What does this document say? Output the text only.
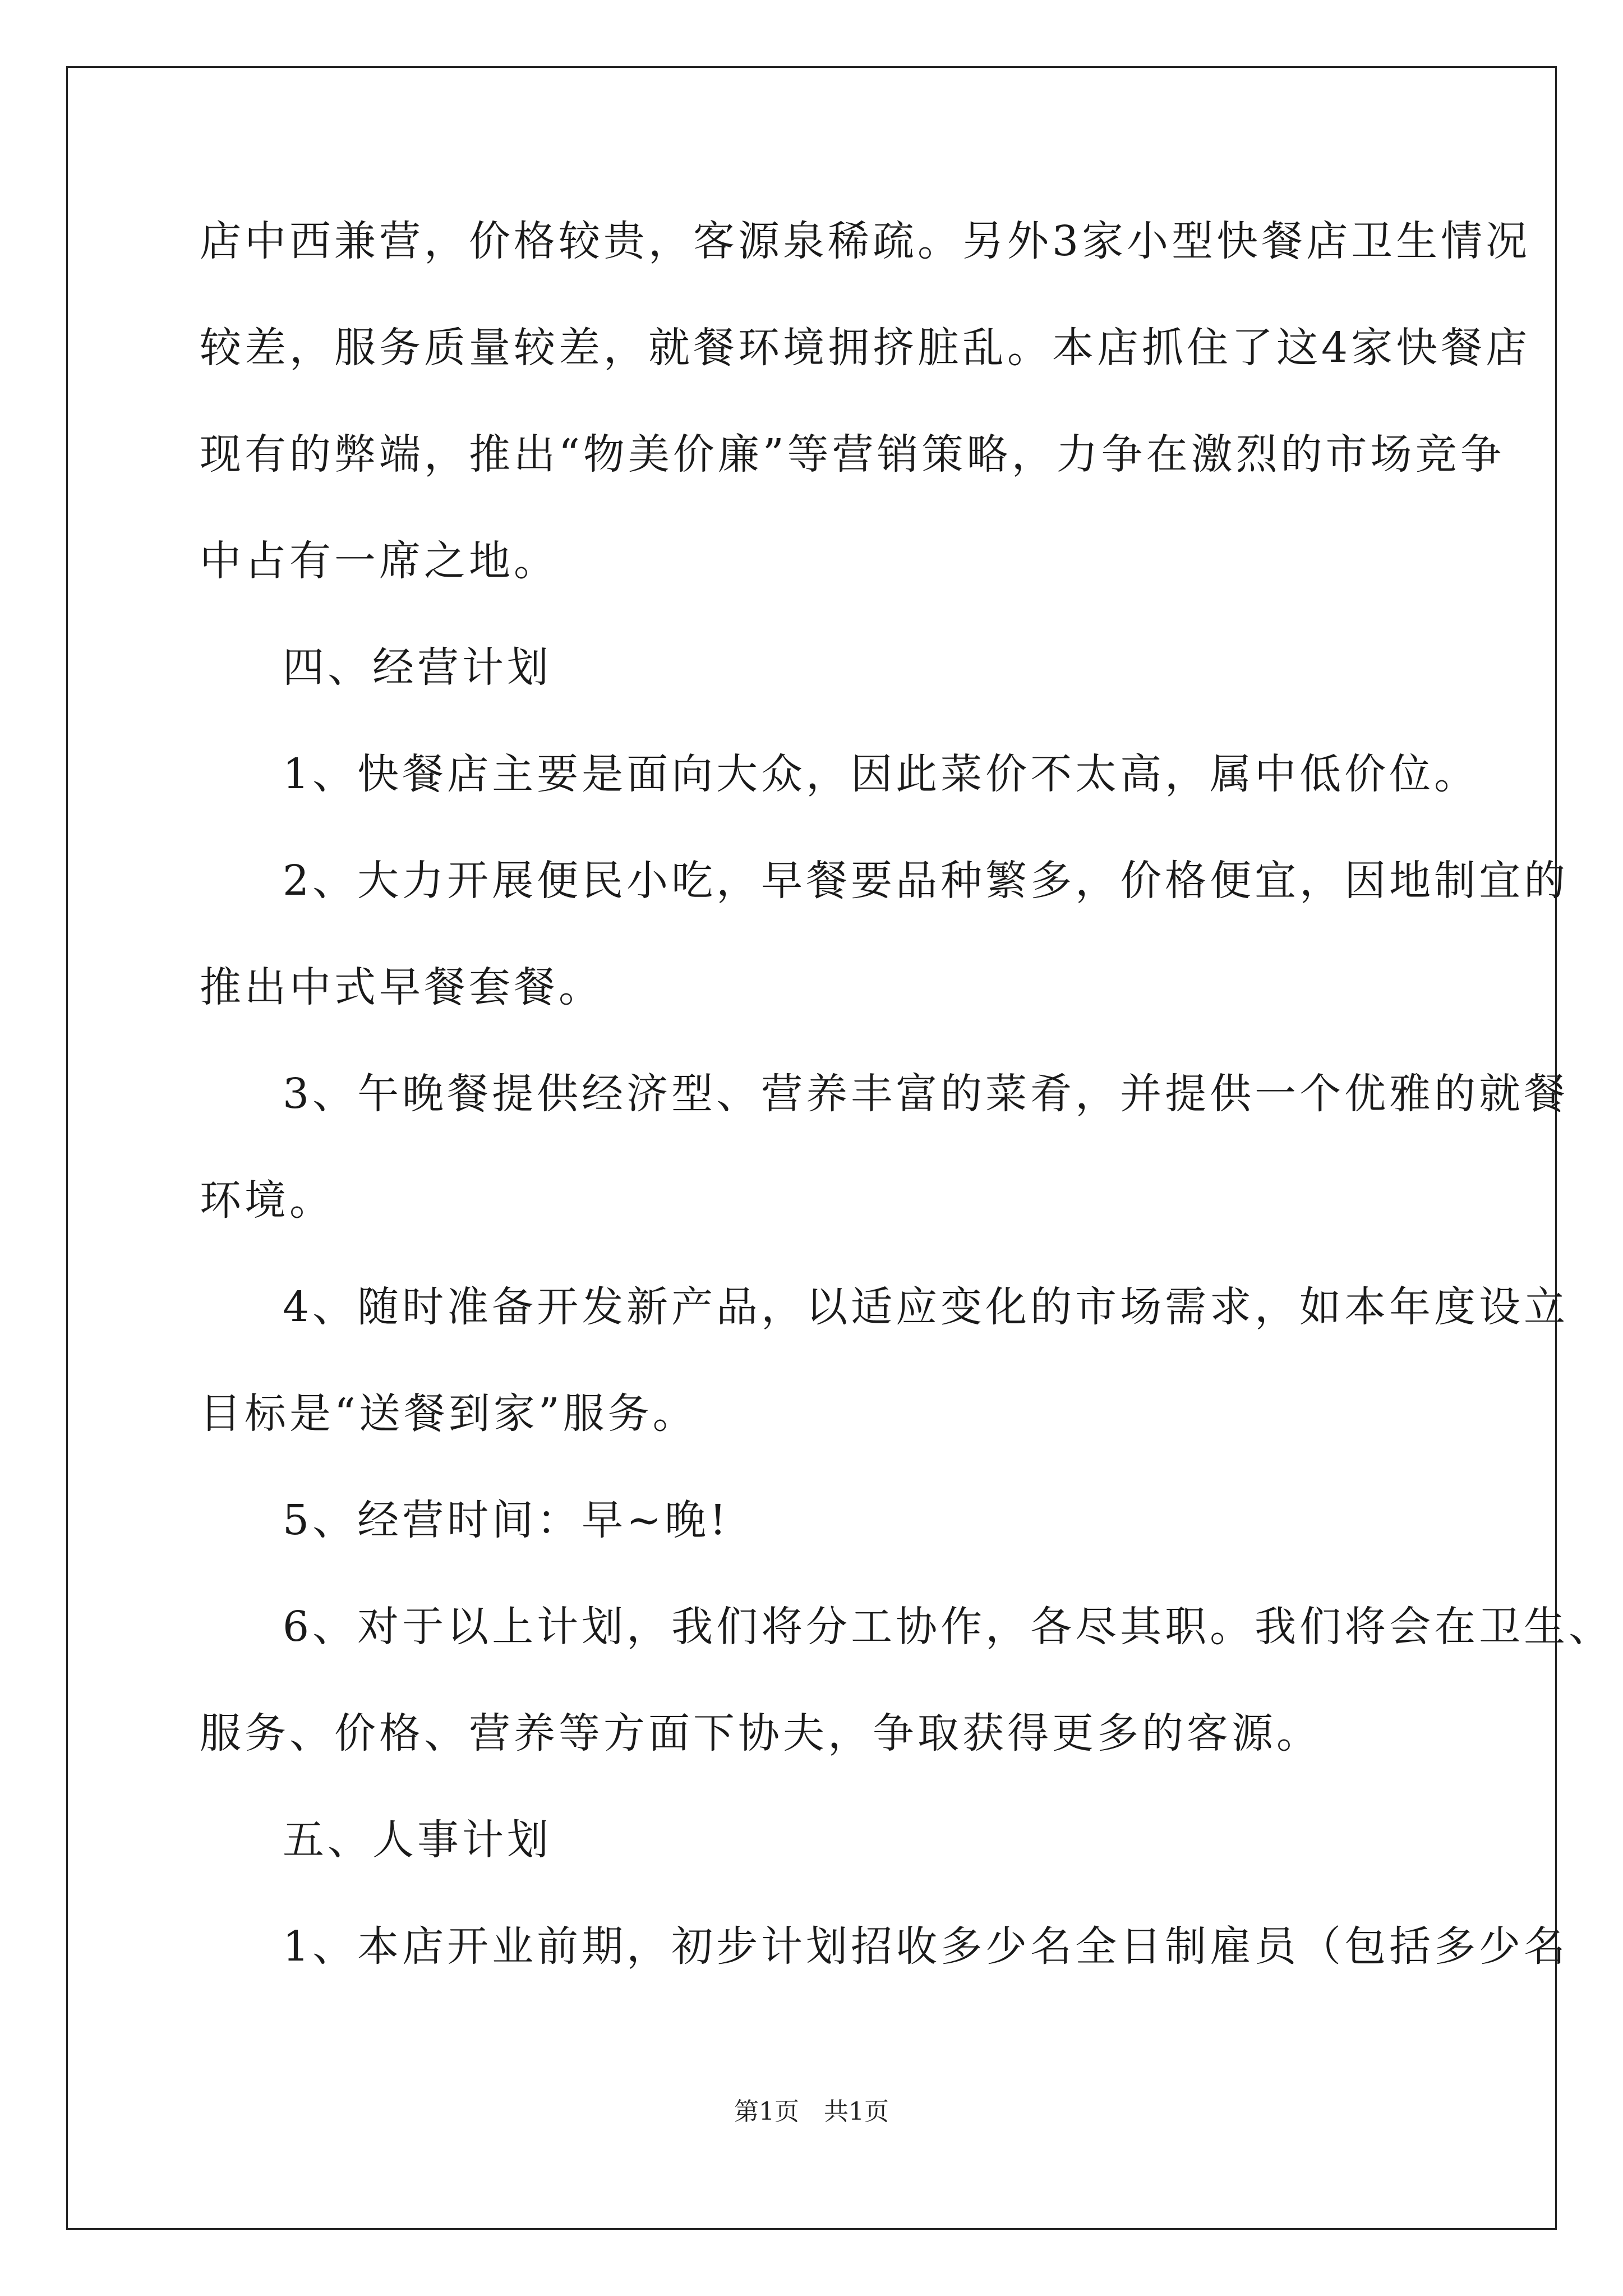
店中西兼营，价格较贵，客源泉稀疏。另外3家小型快餐店卫生情况
较差，服务质量较差，就餐环境拥挤脏乱。本店抓住了这4家快餐店
现有的弊端，推出“物美价廉”等营销策略，力争在激烈的市场竞争
中占有一席之地。
四、经营计划
1、快餐店主要是面向大众，因此菜价不太高，属中低价位。
2、大力开展便民小吃，早餐要品种繁多，价格便宜，因地制宜的
推出中式早餐套餐。
3、午晚餐提供经济型、营养丰富的菜肴，并提供一个优雅的就餐
环境。
4、随时准备开发新产品，以适应变化的市场需求，如本年度设立
目标是“送餐到家”服务。
5、经营时间：早~晚!
6、对于以上计划，我们将分工协作，各尽其职。我们将会在卫生、
服务、价格、营养等方面下协夫，争取获得更多的客源。
五、人事计划
1、本店开业前期，初步计划招收多少名全日制雇员（包括多少名
第1页 共1页
